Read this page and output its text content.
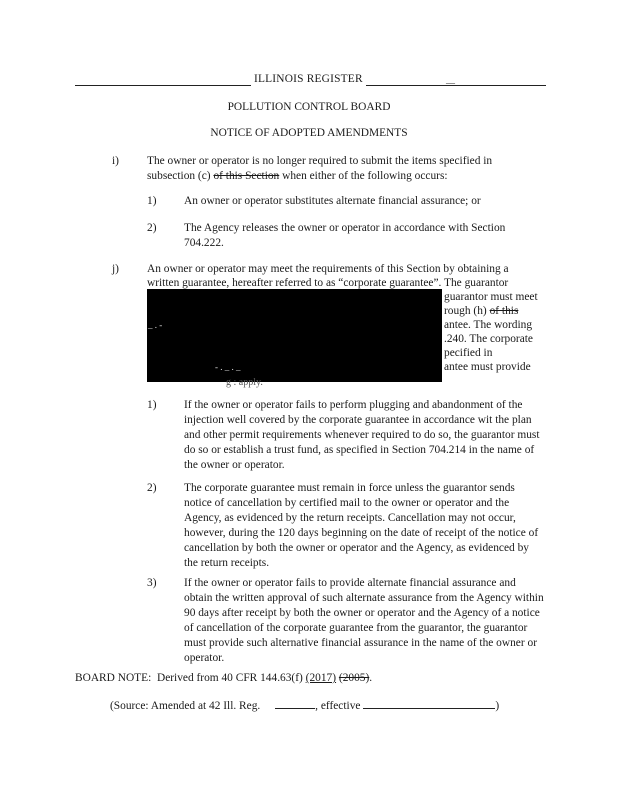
ILLINOIS REGISTER	__
POLLUTION CONTROL BOARD
NOTICE OF ADOPTED AMENDMENTS
i) The owner or operator is no longer required to submit the items specified in subsection (c) of this Section when either of the following occurs:
1) An owner or operator substitutes alternate financial assurance; or
2) The Agency releases the owner or operator in accordance with Section 704.222.
j) An owner or operator may meet the requirements of this Section by obtaining a
written guarantee, hereafter referred to as “corporate guarantee”. The guarantor
guarantor must meet
rough (h) of this
_ . -	antee. The wording
.240. The corporate
pecified in
- . _ . _	antee must provide
g : apply.
1) If the owner or operator fails to perform plugging and abandonment of the injection well covered by the corporate guarantee in accordance wit the plan and other permit requirements whenever required to do so, the guarantor must do so or establish a trust fund, as specified in Section 704.214 in the name of the owner or operator.
2) The corporate guarantee must remain in force unless the guarantor sends notice of cancellation by certified mail to the owner or operator and the Agency, as evidenced by the return receipts. Cancellation may not occur, however, during the 120 days beginning on the date of receipt of the notice of cancellation by both the owner or operator and the Agency, as evidenced by the return receipts.
3) If the owner or operator fails to provide alternate financial assurance and obtain the written approval of such alternate assurance from the Agency within 90 days after receipt by both the owner or operator and the Agency of a notice of cancellation of the corporate guarantee from the guarantor, the guarantor must provide such alternative financial assurance in the name of the owner or operator.
BOARD NOTE: Derived from 40 CFR 144.63(f) (2017) (2005).
(Source: Amended at 42 Ill. Reg.	, effective	)
